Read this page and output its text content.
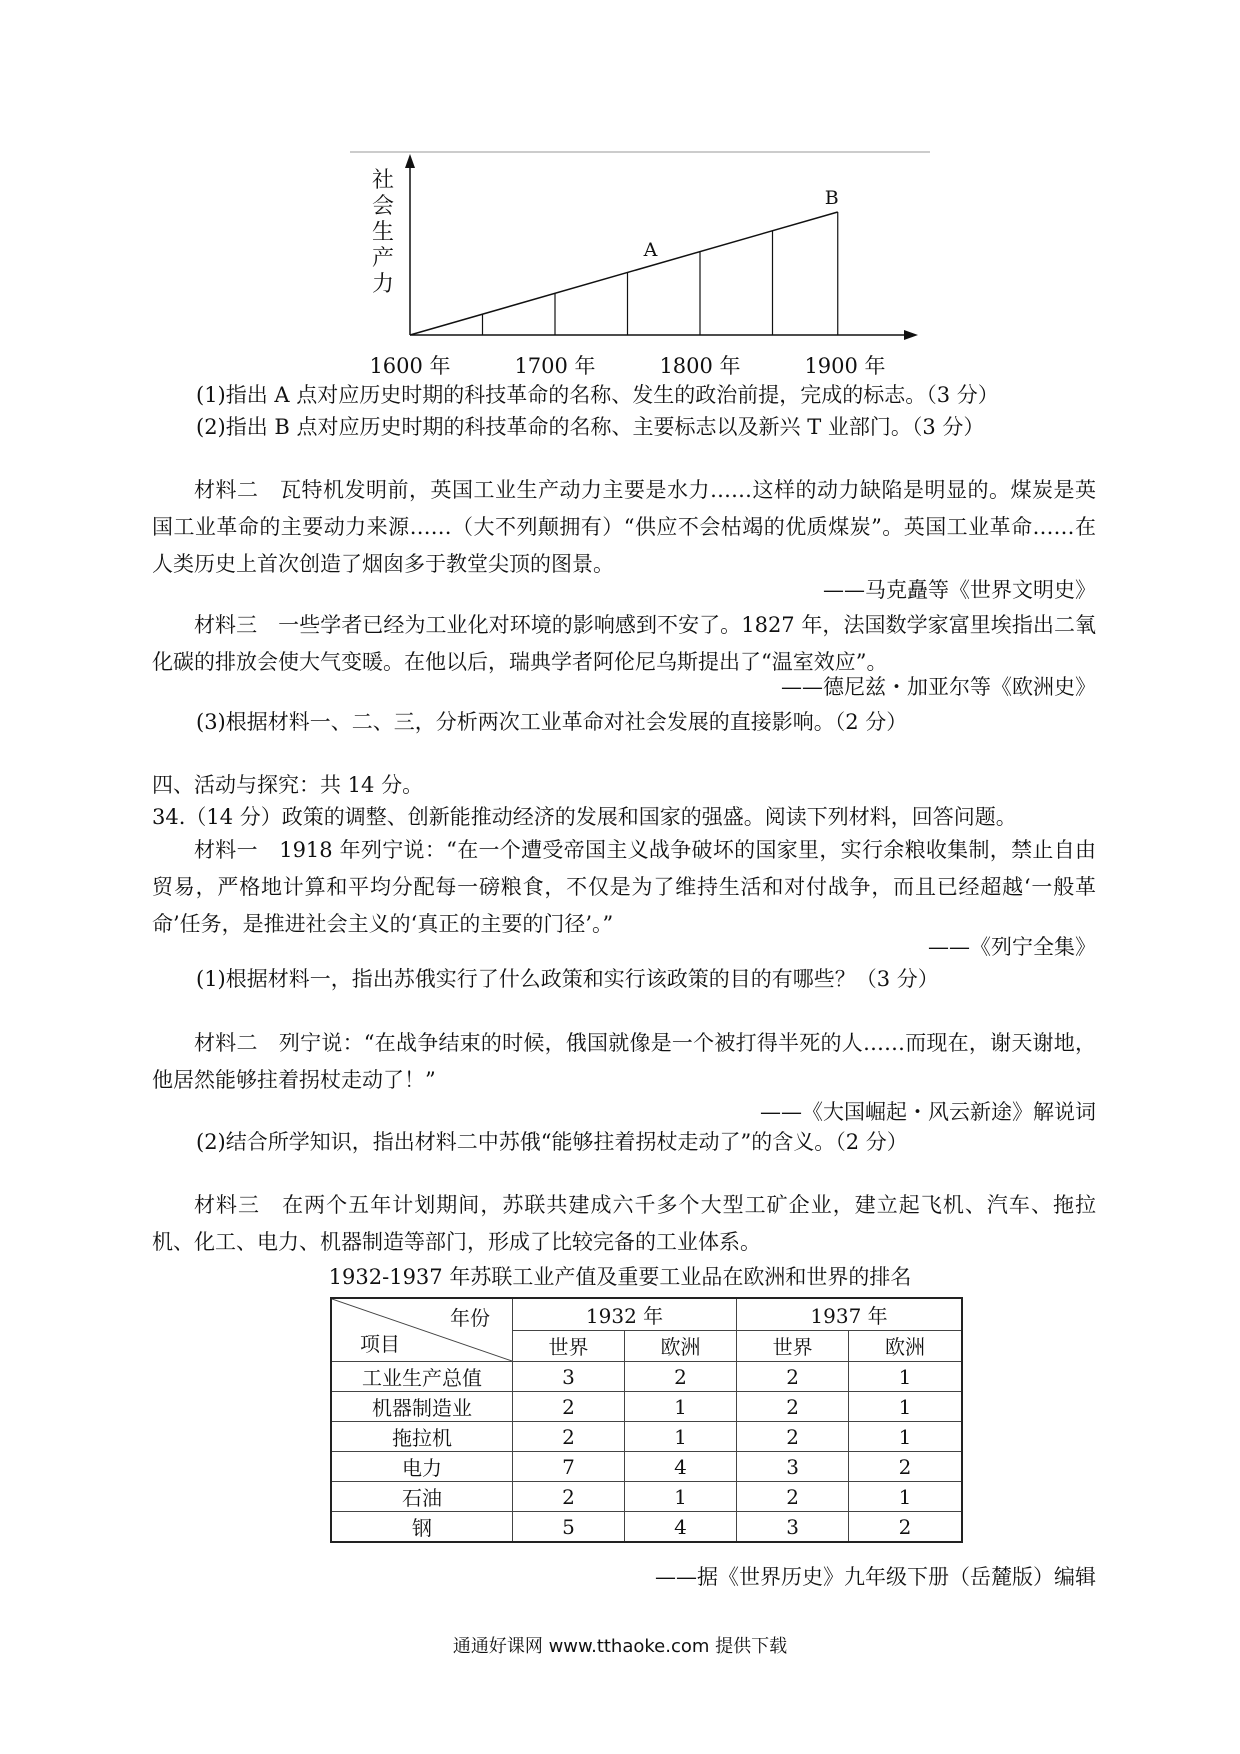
社
会
生
产
力
1600 年	1700 年	1800 年	1900 年
A
B
(1)指出 A 点对应历史时期的科技革命的名称、发生的政治前提，完成的标志。（3 分）
(2)指出 B 点对应历史时期的科技革命的名称、主要标志以及新兴 T 业部门。（3 分）
材料二　瓦特机发明前，英国工业生产动力主要是水力……这样的动力缺陷是明显的。煤炭是英国工业革命的主要动力来源……（大不列颠拥有）“供应不会枯竭的优质煤炭”。英国工业革命……在人类历史上首次创造了烟囱多于教堂尖顶的图景。
——马克矗等《世界文明史》
材料三　一些学者已经为工业化对环境的影响感到不安了。1827 年，法国数学家富里埃指出二氧化碳的排放会使大气变暖。在他以后，瑞典学者阿伦尼乌斯提出了“温室效应”。
——德尼兹・加亚尔等《欧洲史》
(3)根据材料一、二、三，分析两次工业革命对社会发展的直接影响。（2 分）
四、活动与探究：共 14 分。
34.（14 分）政策的调整、创新能推动经济的发展和国家的强盛。阅读下列材料，回答问题。
材料一　1918 年列宁说：“在一个遭受帝国主义战争破坏的国家里，实行余粮收集制，禁止自由贸易，严格地计算和平均分配每一磅粮食，不仅是为了维持生活和对付战争，而且已经超越‘一般革命’任务，是推进社会主义的‘真正的主要的门径’。”
——《列宁全集》
(1)根据材料一，指出苏俄实行了什么政策和实行该政策的目的有哪些？（3 分）
材料二　列宁说：“在战争结束的时候，俄国就像是一个被打得半死的人……而现在，谢天谢地，他居然能够拄着拐杖走动了！”
——《大国崛起・风云新途》解说词
(2)结合所学知识，指出材料二中苏俄“能够拄着拐杖走动了”的含义。（2 分）
材料三　在两个五年计划期间，苏联共建成六千多个大型工矿企业，建立起飞机、汽车、拖拉机、化工、电力、机器制造等部门，形成了比较完备的工业体系。
1932-1937 年苏联工业产值及重要工业品在欧洲和世界的排名
年份
项目	1932 年		1937 年	
	世界	欧洲	世界	欧洲
工业生产总值	3	2	2	1
机器制造业	2	1	2	1
拖拉机	2	1	2	1
电力	7	4	3	2
石油	2	1	2	1
钢	5	4	3	2
——据《世界历史》九年级下册（岳麓版）编辑
通通好课网 www.tthaoke.com 提供下载
